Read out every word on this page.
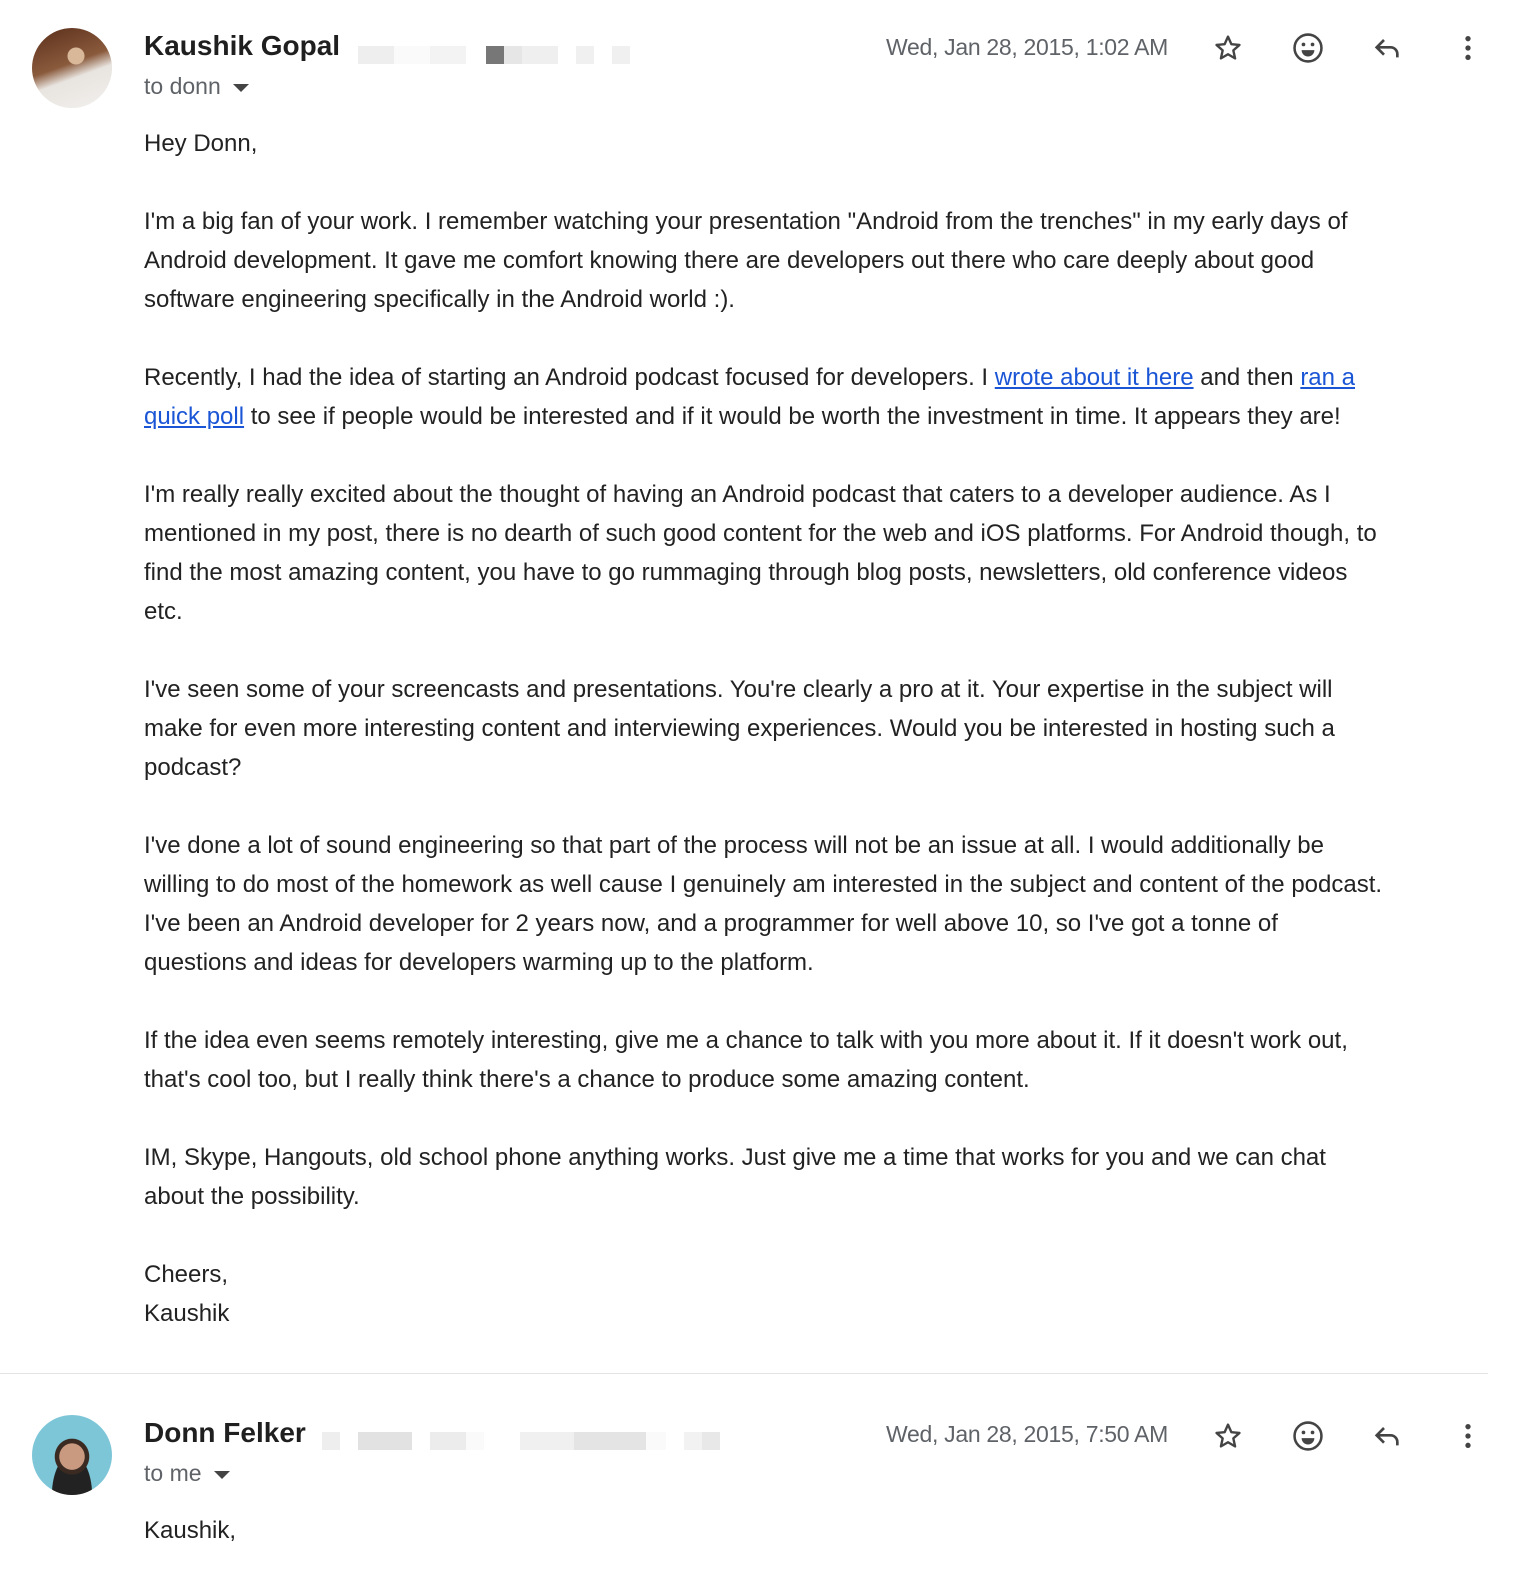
Kaushik Gopal
to donn
Wed, Jan 28, 2015, 1:02 AM
Hey Donn,
I'm a big fan of your work. I remember watching your presentation "Android from the trenches" in my early days of
Android development. It gave me comfort knowing there are developers out there who care deeply about good
software engineering specifically in the Android world :).
Recently, I had the idea of starting an Android podcast focused for developers. I wrote about it here and then ran a
quick poll to see if people would be interested and if it would be worth the investment in time. It appears they are!
I'm really really excited about the thought of having an Android podcast that caters to a developer audience. As I
mentioned in my post, there is no dearth of such good content for the web and iOS platforms. For Android though, to
find the most amazing content, you have to go rummaging through blog posts, newsletters, old conference videos
etc.
I've seen some of your screencasts and presentations. You're clearly a pro at it. Your expertise in the subject will
make for even more interesting content and interviewing experiences. Would you be interested in hosting such a
podcast?
I've done a lot of sound engineering so that part of the process will not be an issue at all. I would additionally be
willing to do most of the homework as well cause I genuinely am interested in the subject and content of the podcast.
I've been an Android developer for 2 years now, and a programmer for well above 10, so I've got a tonne of
questions and ideas for developers warming up to the platform.
If the idea even seems remotely interesting, give me a chance to talk with you more about it. If it doesn't work out,
that's cool too, but I really think there's a chance to produce some amazing content.
IM, Skype, Hangouts, old school phone anything works. Just give me a time that works for you and we can chat
about the possibility.
Cheers,
Kaushik
Donn Felker
to me
Wed, Jan 28, 2015, 7:50 AM
Kaushik,
